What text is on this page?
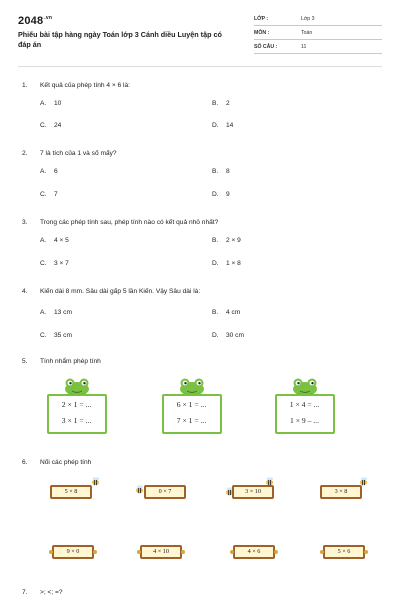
$2048^{.vn}$
Phiếu bài tập hàng ngày Toán lớp 3 Cánh diều Luyện tập có đáp án
LỚP :	Lớp 3
MÔN :	Toán
SỐ CÂU :	11
1. Kết quả của phép tính 4 × 6 là:
A. 10	B. 2
C. 24	D. 14
2. 7 là tích của 1 và số mấy?
A. 6	B. 8
C. 7	D. 9
3. Trong các phép tính sau, phép tính nào có kết quả nhỏ nhất?
A. 4 × 5	B. 2 × 9
C. 3 × 7	D. 1 × 8
4. Kiến dài 8 mm. Sâu dài gấp 5 lần Kiến. Vậy Sâu dài là:
A. 13 cm	B. 4 cm
C. 35 cm	D. 30 cm
5. Tính nhẩm phép tính
2 × 1 = ...
3 × 1 = ...
6 × 1 = ...
7 × 1 = ...
1 × 4 = ...
1 × 9 – ...
6. Nối các phép tính
5 × 8	0 × 7	3 × 10	3 × 8
9 × 0	4 × 10	4 × 6	5 × 6
7. >; <; =?
